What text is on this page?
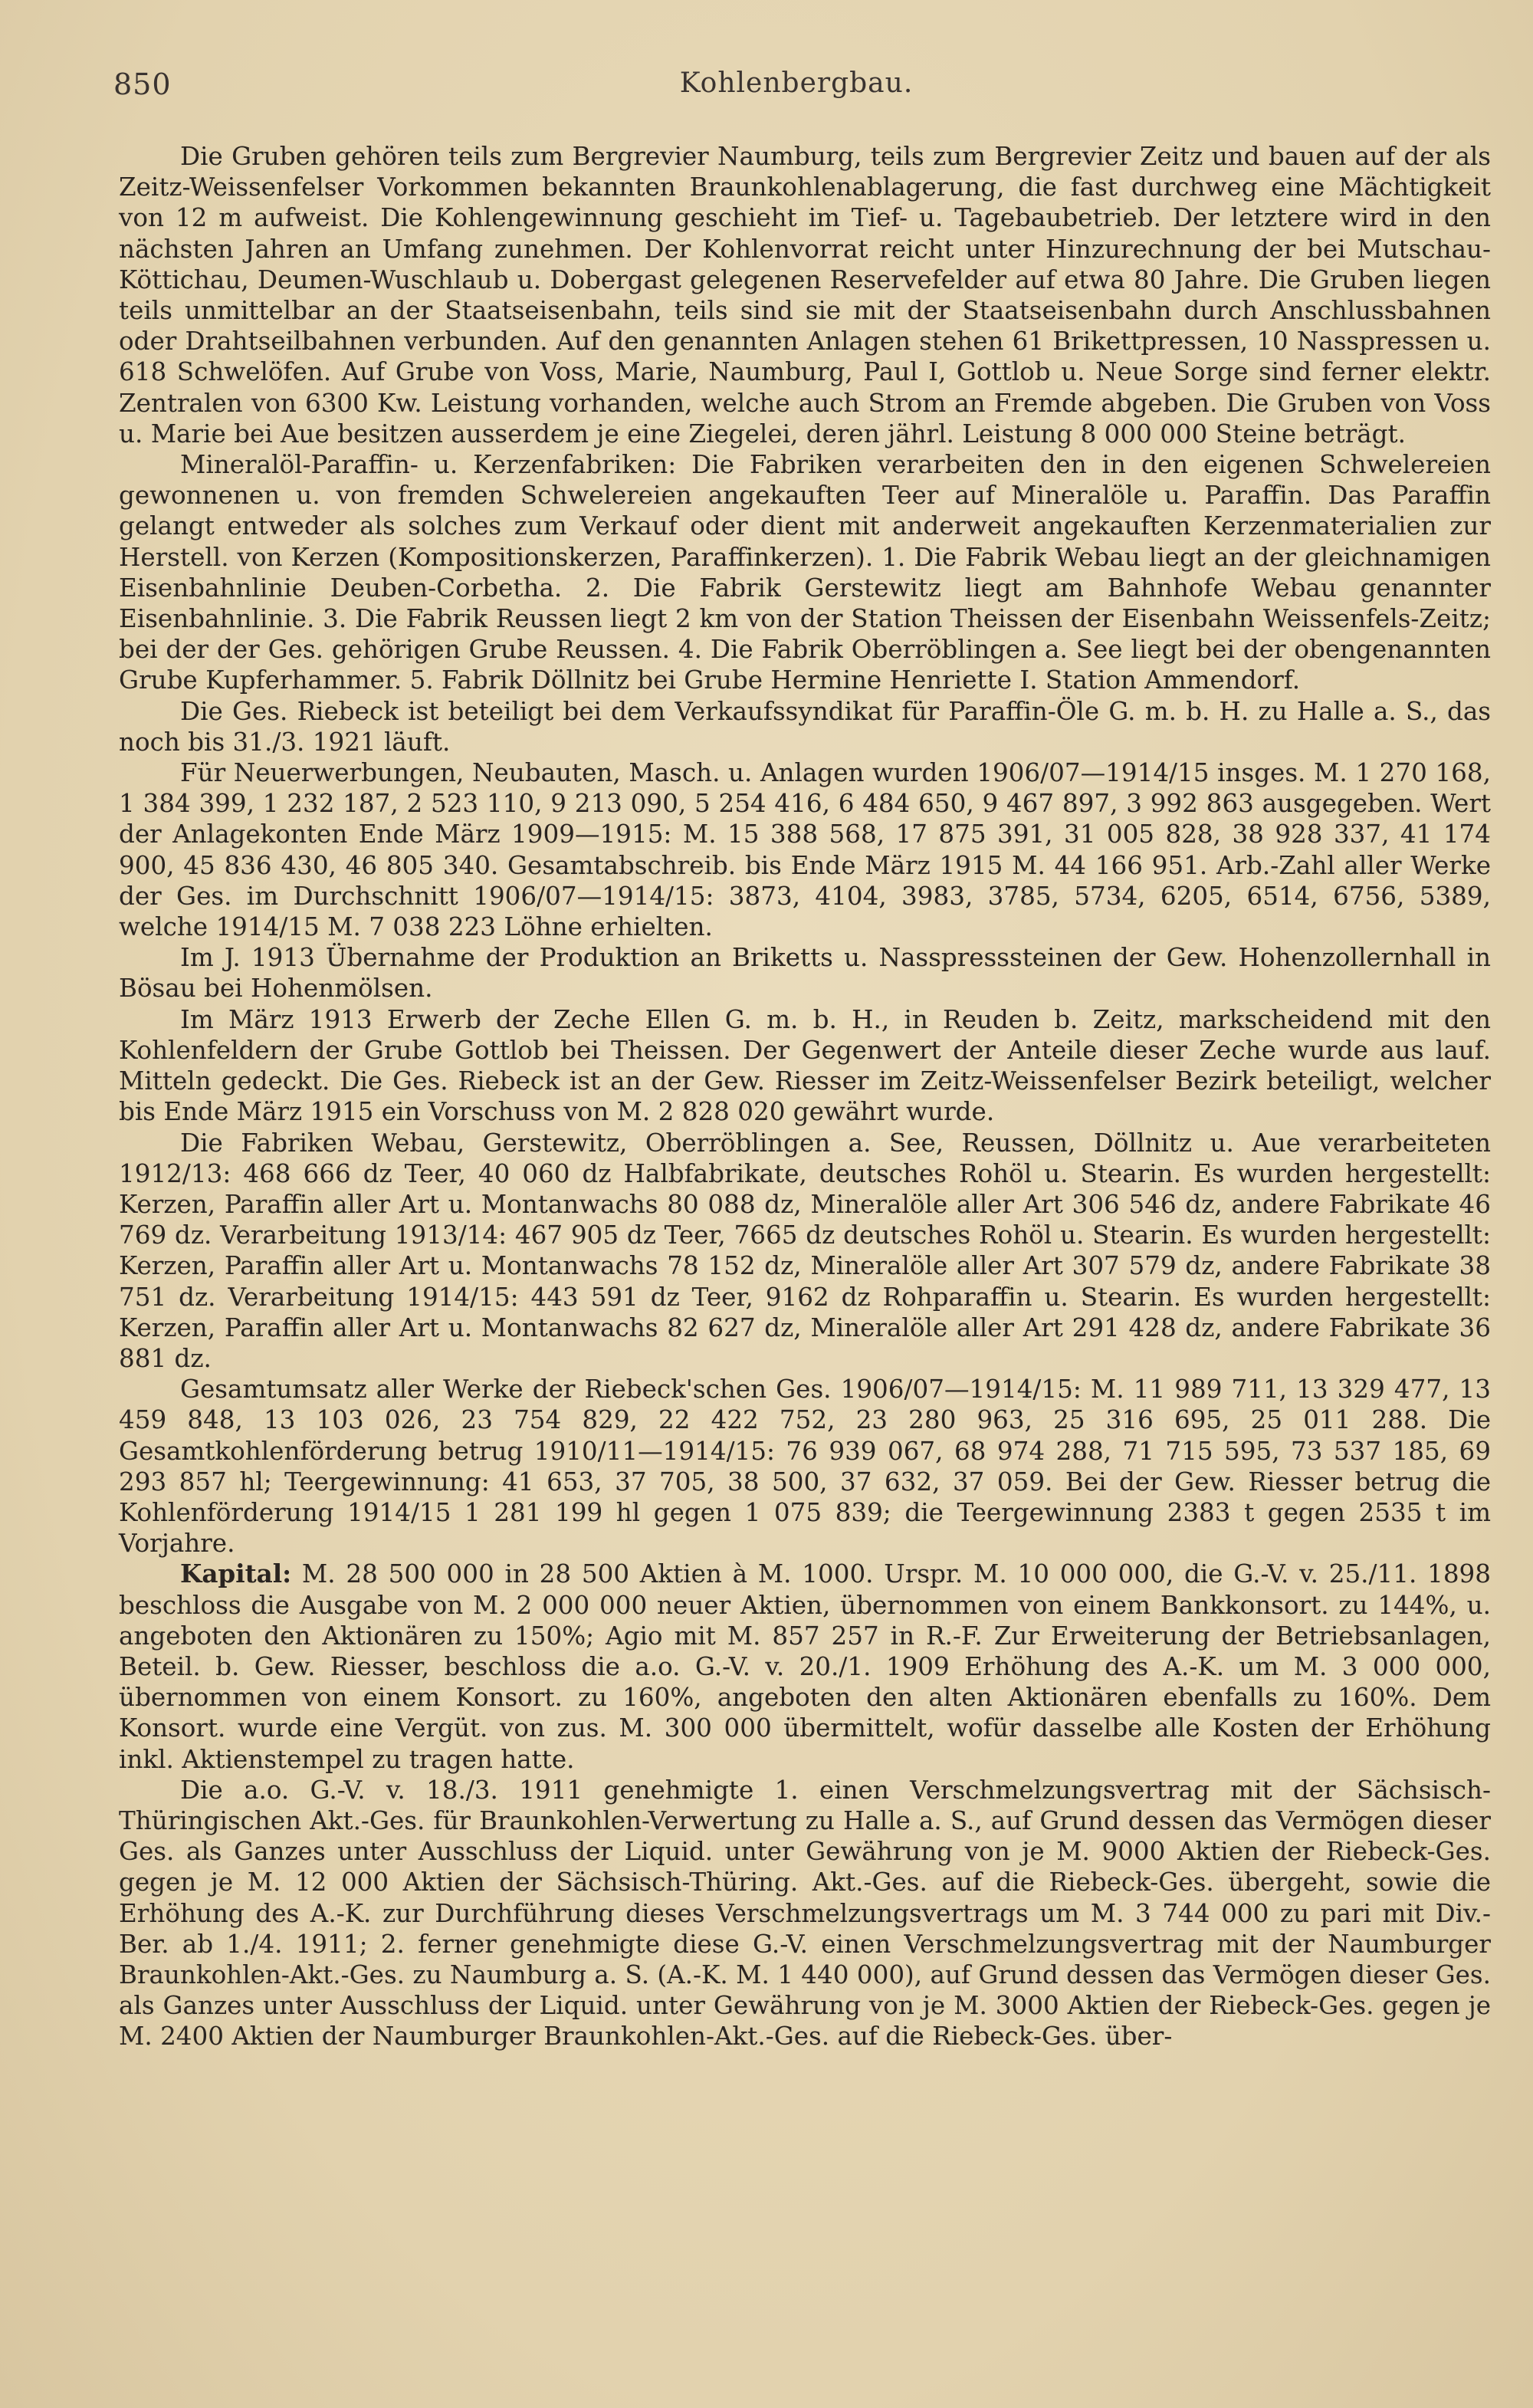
850	Kohlenbergbau.

Die Gruben gehören teils zum Bergrevier Naumburg, teils zum Bergrevier Zeitz und bauen auf der als Zeitz-Weissenfelser Vorkommen bekannten Braunkohlenablagerung, die fast durchweg eine Mächtigkeit von 12 m aufweist. Die Kohlengewinnung geschieht im Tief- u. Tagebaubetrieb. Der letztere wird in den nächsten Jahren an Umfang zunehmen. Der Kohlenvorrat reicht unter Hinzurechnung der bei Mutschau-Köttichau, Deumen-Wuschlaub u. Dobergast gelegenen Reservefelder auf etwa 80 Jahre. Die Gruben liegen teils unmittelbar an der Staatseisenbahn, teils sind sie mit der Staatseisenbahn durch Anschlussbahnen oder Drahtseilbahnen verbunden. Auf den genannten Anlagen stehen 61 Brikettpressen, 10 Nasspressen u. 618 Schwelöfen. Auf Grube von Voss, Marie, Naumburg, Paul I, Gottlob u. Neue Sorge sind ferner elektr. Zentralen von 6300 Kw. Leistung vorhanden, welche auch Strom an Fremde abgeben. Die Gruben von Voss u. Marie bei Aue besitzen ausserdem je eine Ziegelei, deren jährl. Leistung 8 000 000 Steine beträgt.

Mineralöl-Paraffin- u. Kerzenfabriken: Die Fabriken verarbeiten den in den eigenen Schwelereien gewonnenen u. von fremden Schwelereien angekauften Teer auf Mineralöle u. Paraffin. Das Paraffin gelangt entweder als solches zum Verkauf oder dient mit anderweit angekauften Kerzenmaterialien zur Herstell. von Kerzen (Kompositionskerzen, Paraffinkerzen). 1. Die Fabrik Webau liegt an der gleichnamigen Eisenbahnlinie Deuben-Corbetha. 2. Die Fabrik Gerstewitz liegt am Bahnhofe Webau genannter Eisenbahnlinie. 3. Die Fabrik Reussen liegt 2 km von der Station Theissen der Eisenbahn Weissenfels-Zeitz; bei der der Ges. gehörigen Grube Reussen. 4. Die Fabrik Oberröblingen a. See liegt bei der obengenannten Grube Kupferhammer. 5. Fabrik Döllnitz bei Grube Hermine Henriette I. Station Ammendorf.

Die Ges. Riebeck ist beteiligt bei dem Verkaufssyndikat für Paraffin-Öle G. m. b. H. zu Halle a. S., das noch bis 31./3. 1921 läuft.

Für Neuerwerbungen, Neubauten, Masch. u. Anlagen wurden 1906/07—1914/15 insges. M. 1 270 168, 1 384 399, 1 232 187, 2 523 110, 9 213 090, 5 254 416, 6 484 650, 9 467 897, 3 992 863 ausgegeben. Wert der Anlagekonten Ende März 1909—1915: M. 15 388 568, 17 875 391, 31 005 828, 38 928 337, 41 174 900, 45 836 430, 46 805 340. Gesamtabschreib. bis Ende März 1915 M. 44 166 951. Arb.-Zahl aller Werke der Ges. im Durchschnitt 1906/07—1914/15: 3873, 4104, 3983, 3785, 5734, 6205, 6514, 6756, 5389, welche 1914/15 M. 7 038 223 Löhne erhielten.

Im J. 1913 Übernahme der Produktion an Briketts u. Nasspresssteinen der Gew. Hohenzollernhall in Bösau bei Hohenmölsen.

Im März 1913 Erwerb der Zeche Ellen G. m. b. H., in Reuden b. Zeitz, markscheidend mit den Kohlenfeldern der Grube Gottlob bei Theissen. Der Gegenwert der Anteile dieser Zeche wurde aus lauf. Mitteln gedeckt. Die Ges. Riebeck ist an der Gew. Riesser im Zeitz-Weissenfelser Bezirk beteiligt, welcher bis Ende März 1915 ein Vorschuss von M. 2 828 020 gewährt wurde.

Die Fabriken Webau, Gerstewitz, Oberröblingen a. See, Reussen, Döllnitz u. Aue verarbeiteten 1912/13: 468 666 dz Teer, 40 060 dz Halbfabrikate, deutsches Rohöl u. Stearin. Es wurden hergestellt: Kerzen, Paraffin aller Art u. Montanwachs 80 088 dz, Mineralöle aller Art 306 546 dz, andere Fabrikate 46 769 dz. Verarbeitung 1913/14: 467 905 dz Teer, 7665 dz deutsches Rohöl u. Stearin. Es wurden hergestellt: Kerzen, Paraffin aller Art u. Montanwachs 78 152 dz, Mineralöle aller Art 307 579 dz, andere Fabrikate 38 751 dz. Verarbeitung 1914/15: 443 591 dz Teer, 9162 dz Rohparaffin u. Stearin. Es wurden hergestellt: Kerzen, Paraffin aller Art u. Montanwachs 82 627 dz, Mineralöle aller Art 291 428 dz, andere Fabrikate 36 881 dz.

Gesamtumsatz aller Werke der Riebeck'schen Ges. 1906/07—1914/15: M. 11 989 711, 13 329 477, 13 459 848, 13 103 026, 23 754 829, 22 422 752, 23 280 963, 25 316 695, 25 011 288. Die Gesamtkohlenförderung betrug 1910/11—1914/15: 76 939 067, 68 974 288, 71 715 595, 73 537 185, 69 293 857 hl; Teergewinnung: 41 653, 37 705, 38 500, 37 632, 37 059. Bei der Gew. Riesser betrug die Kohlenförderung 1914/15 1 281 199 hl gegen 1 075 839; die Teergewinnung 2383 t gegen 2535 t im Vorjahre.

Kapital: M. 28 500 000 in 28 500 Aktien à M. 1000. Urspr. M. 10 000 000, die G.-V. v. 25./11. 1898 beschloss die Ausgabe von M. 2 000 000 neuer Aktien, übernommen von einem Bankkonsort. zu 144%, u. angeboten den Aktionären zu 150%; Agio mit M. 857 257 in R.-F. Zur Erweiterung der Betriebsanlagen, Beteil. b. Gew. Riesser, beschloss die a.o. G.-V. v. 20./1. 1909 Erhöhung des A.-K. um M. 3 000 000, übernommen von einem Konsort. zu 160%, angeboten den alten Aktionären ebenfalls zu 160%. Dem Konsort. wurde eine Vergüt. von zus. M. 300 000 übermittelt, wofür dasselbe alle Kosten der Erhöhung inkl. Aktienstempel zu tragen hatte.

Die a.o. G.-V. v. 18./3. 1911 genehmigte 1. einen Verschmelzungsvertrag mit der Sächsisch-Thüringischen Akt.-Ges. für Braunkohlen-Verwertung zu Halle a. S., auf Grund dessen das Vermögen dieser Ges. als Ganzes unter Ausschluss der Liquid. unter Gewährung von je M. 9000 Aktien der Riebeck-Ges. gegen je M. 12 000 Aktien der Sächsisch-Thüring. Akt.-Ges. auf die Riebeck-Ges. übergeht, sowie die Erhöhung des A.-K. zur Durchführung dieses Verschmelzungsvertrags um M. 3 744 000 zu pari mit Div.-Ber. ab 1./4. 1911; 2. ferner genehmigte diese G.-V. einen Verschmelzungsvertrag mit der Naumburger Braunkohlen-Akt.-Ges. zu Naumburg a. S. (A.-K. M. 1 440 000), auf Grund dessen das Vermögen dieser Ges. als Ganzes unter Ausschluss der Liquid. unter Gewährung von je M. 3000 Aktien der Riebeck-Ges. gegen je M. 2400 Aktien der Naumburger Braunkohlen-Akt.-Ges. auf die Riebeck-Ges. über-
